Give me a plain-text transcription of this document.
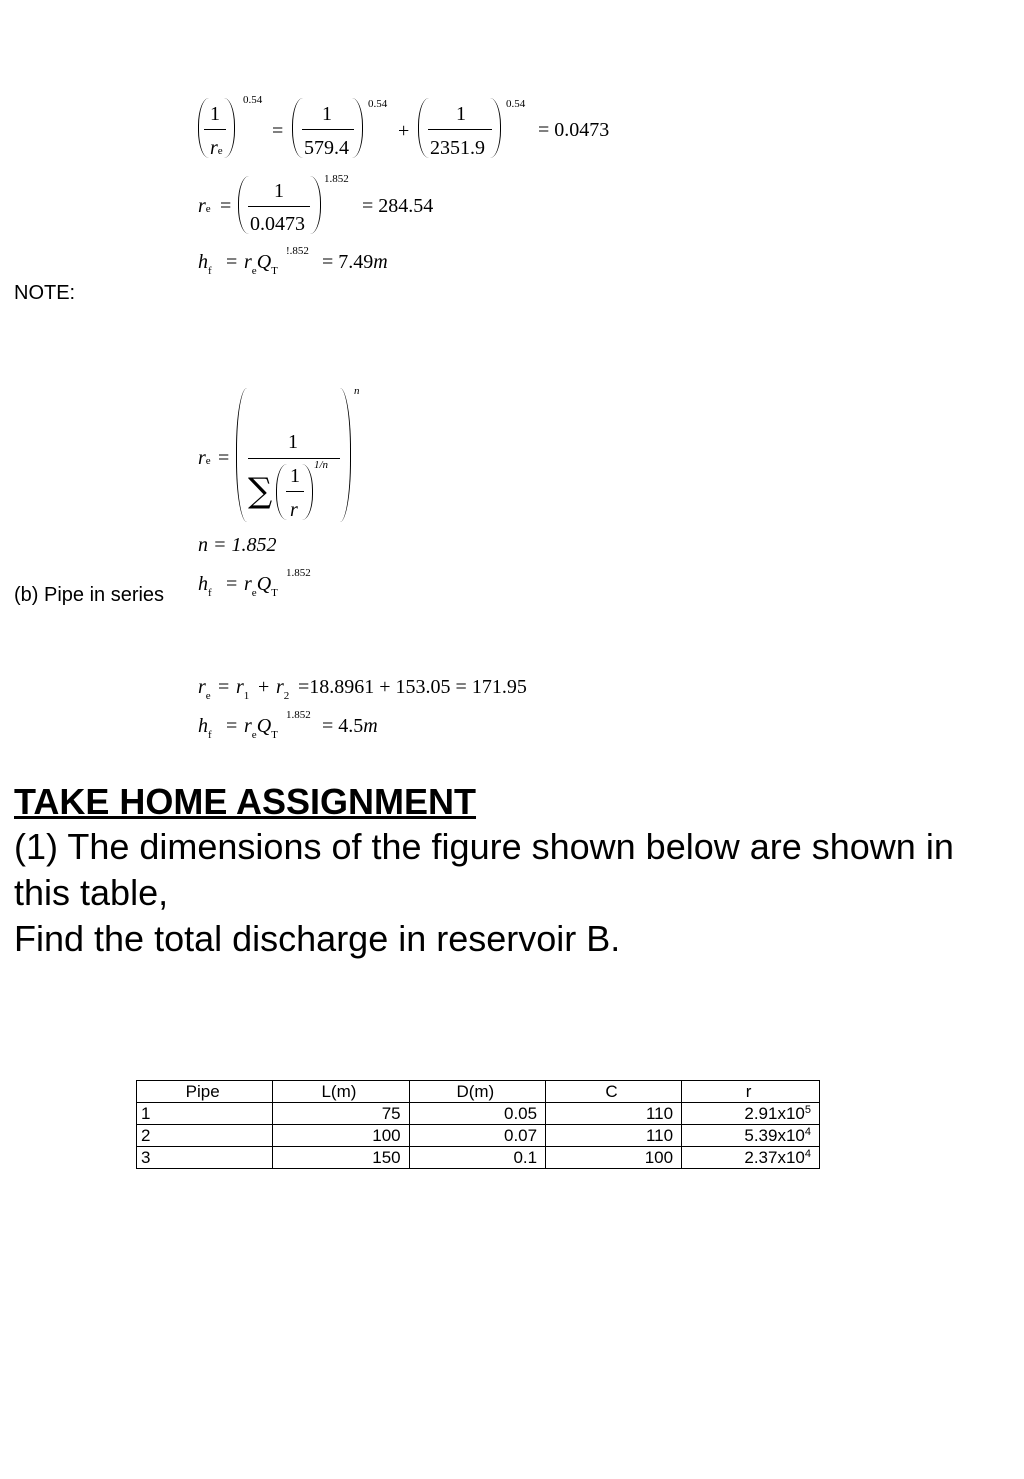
1
re
0.54
=
1
579.4
0.54
+
1
2351.9
0.54
= 0.0473
re =
1
0.0473
1.852
= 284.54
$h_f = r_eQ_T$
!.852 = 7.49m
NOTE:
re =
1
∑ 1
r
1/n
n
n = 1.852
$h_f = r_eQ_T$
1.852
(b) Pipe in series
$r_e = r_1 + r_2 =18.8961 + 153.05 = 171.95$
$h_f = r_eQ_T$
1.852 = 4.5m
TAKE HOME ASSIGNMENT
(1) The dimensions of the figure shown below are shown in
this table,
Find the total discharge in reservoir B.
Pipe	L(m)	D(m)	C	r
1	75	0.05	110	$2.91x10^5$
2	100	0.07	110	$5.39x10^4$
3	150	0.1	100	$2.37x10^4$
